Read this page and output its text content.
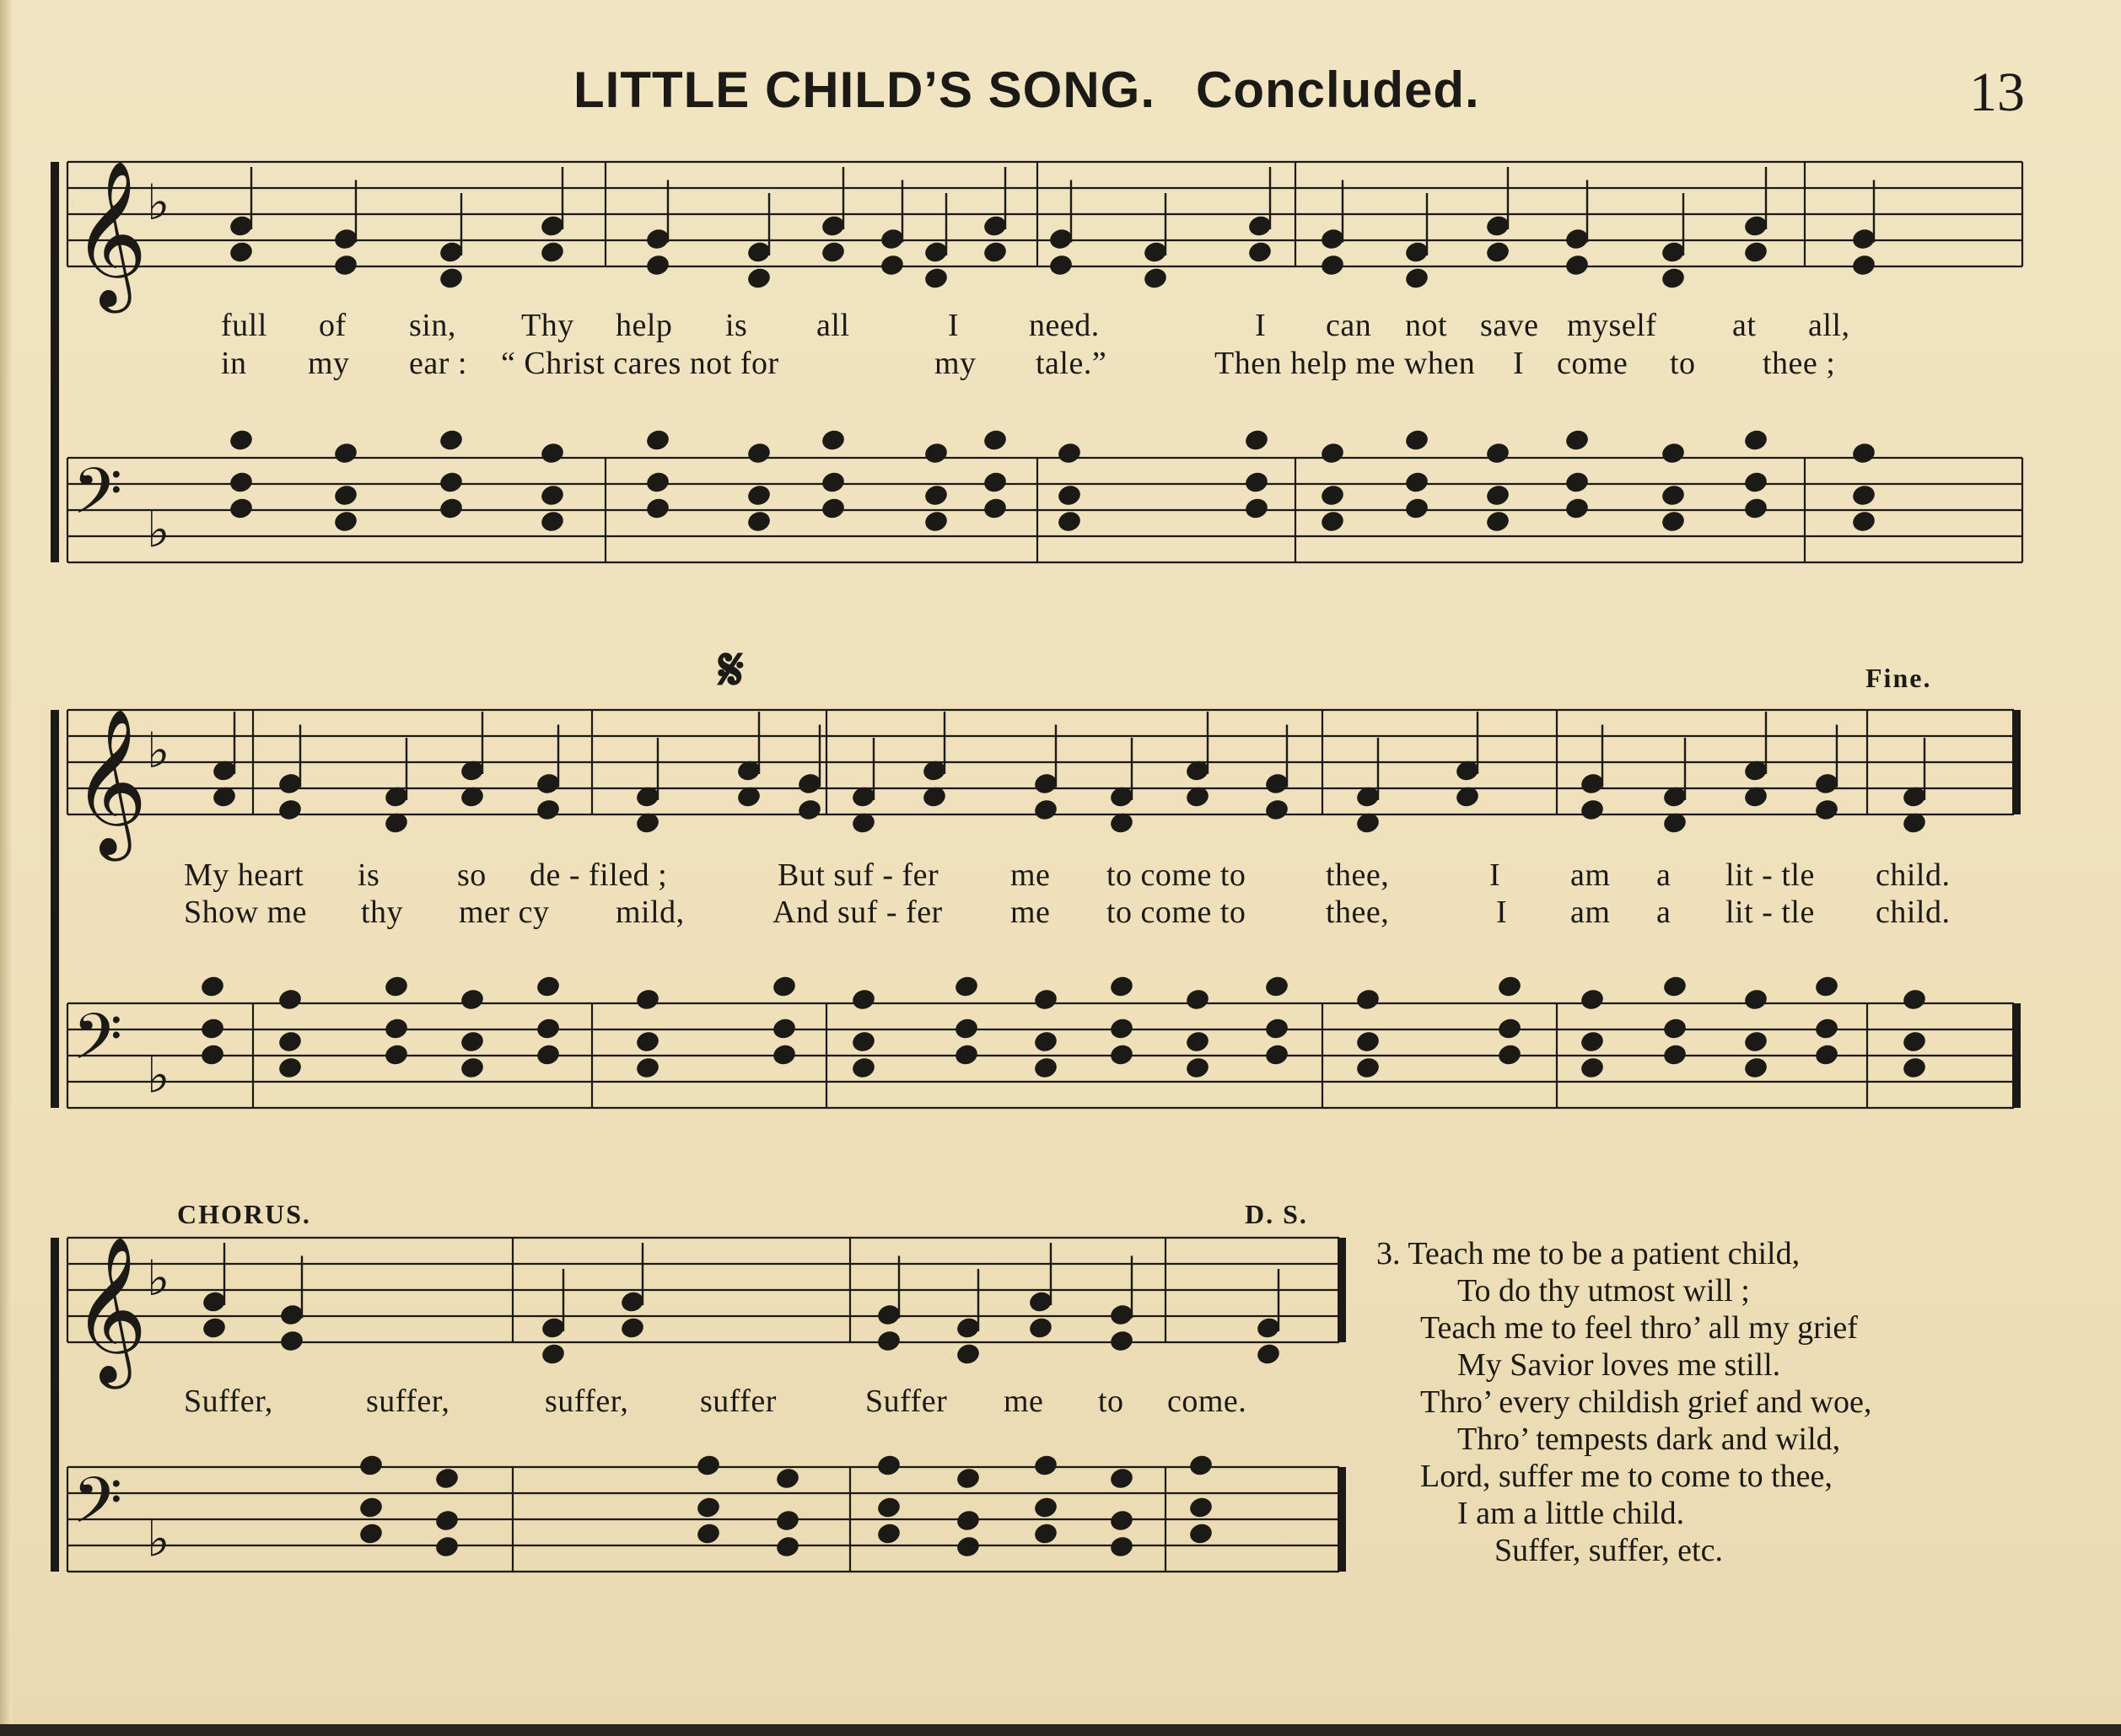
LITTLE CHILD’S SONG. Concluded.	13
𝄞 ♭
𝄢 ♭
𝄞 ♭
𝄢 ♭
𝄞 ♭
𝄢 ♭
full of sin, Thy help is all	I need.	I can not save myself at all,
in my ear : “ Christ cares not for	my tale.”	Then help me when I come to thee ;
𝄋	Fine.
My heart is so de - filed ;	But suf - fer me to come to thee,	I am a lit - tle child.
Show me thy mer cy mild,	And suf - fer me to come to thee,	I am a lit - tle child.
CHORUS.	D. S.
Suffer,	suffer,	suffer, suffer	Suffer me to come.
3. Teach me to be a patient child,
To do thy utmost will ;
Teach me to feel thro’ all my grief
My Savior loves me still.
Thro’ every childish grief and woe,
Thro’ tempests dark and wild,
Lord, suffer me to come to thee,
I am a little child.
Suffer, suffer, etc.
